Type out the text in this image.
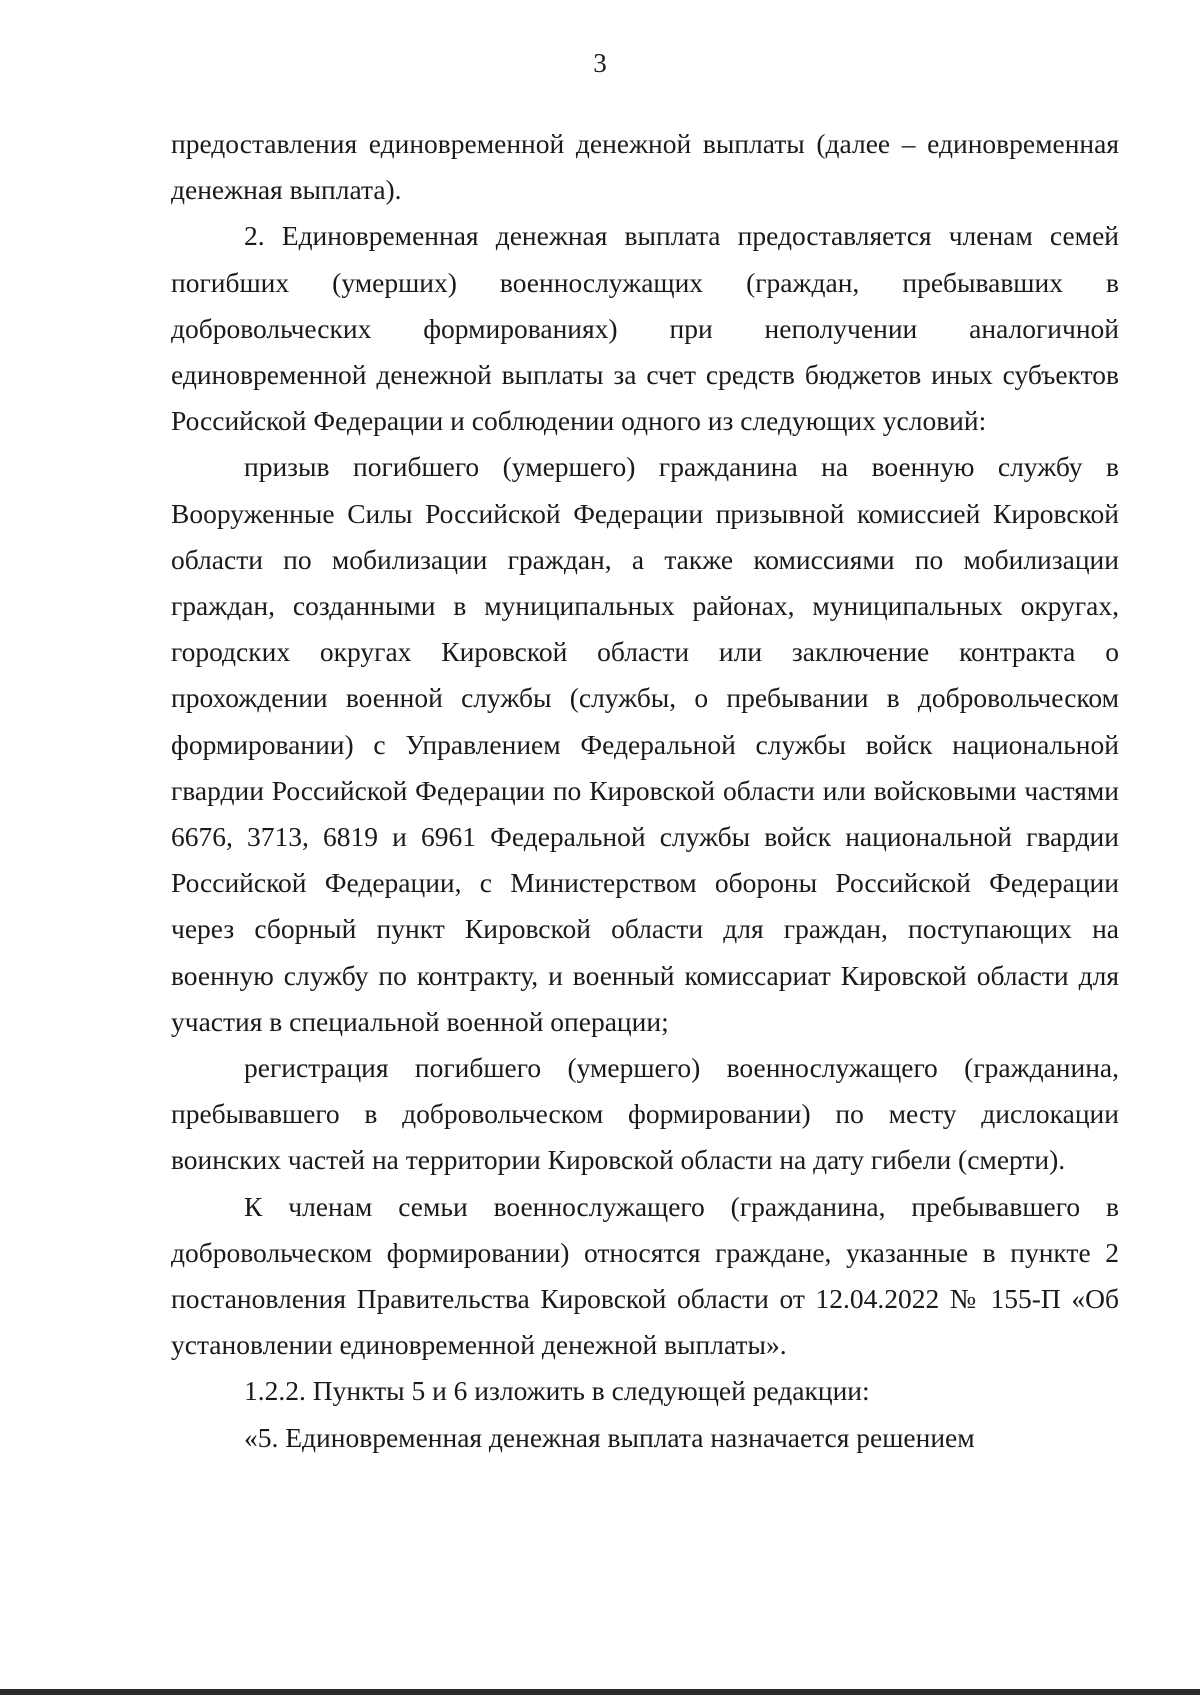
3

предоставления единовременной денежной выплаты (далее – единовременная денежная выплата).

2. Единовременная денежная выплата предоставляется членам семей погибших (умерших) военнослужащих (граждан, пребывавших в добровольческих формированиях) при неполучении аналогичной единовременной денежной выплаты за счет средств бюджетов иных субъектов Российской Федерации и соблюдении одного из следующих условий:

призыв погибшего (умершего) гражданина на военную службу в Вооруженные Силы Российской Федерации призывной комиссией Кировской области по мобилизации граждан, а также комиссиями по мобилизации граждан, созданными в муниципальных районах, муниципальных округах, городских округах Кировской области или заключение контракта о прохождении военной службы (службы, о пребывании в добровольческом формировании) с Управлением Федеральной службы войск национальной гвардии Российской Федерации по Кировской области или войсковыми частями 6676, 3713, 6819 и 6961 Федеральной службы войск национальной гвардии Российской Федерации, с Министерством обороны Российской Федерации через сборный пункт Кировской области для граждан, поступающих на военную службу по контракту, и военный комиссариат Кировской области для участия в специальной военной операции;

регистрация погибшего (умершего) военнослужащего (гражданина, пребывавшего в добровольческом формировании) по месту дислокации воинских частей на территории Кировской области на дату гибели (смерти).

К членам семьи военнослужащего (гражданина, пребывавшего в добровольческом формировании) относятся граждане, указанные в пункте 2 постановления Правительства Кировской области от 12.04.2022 № 155-П «Об установлении единовременной денежной выплаты».

1.2.2. Пункты 5 и 6 изложить в следующей редакции:

«5. Единовременная денежная выплата назначается решением
